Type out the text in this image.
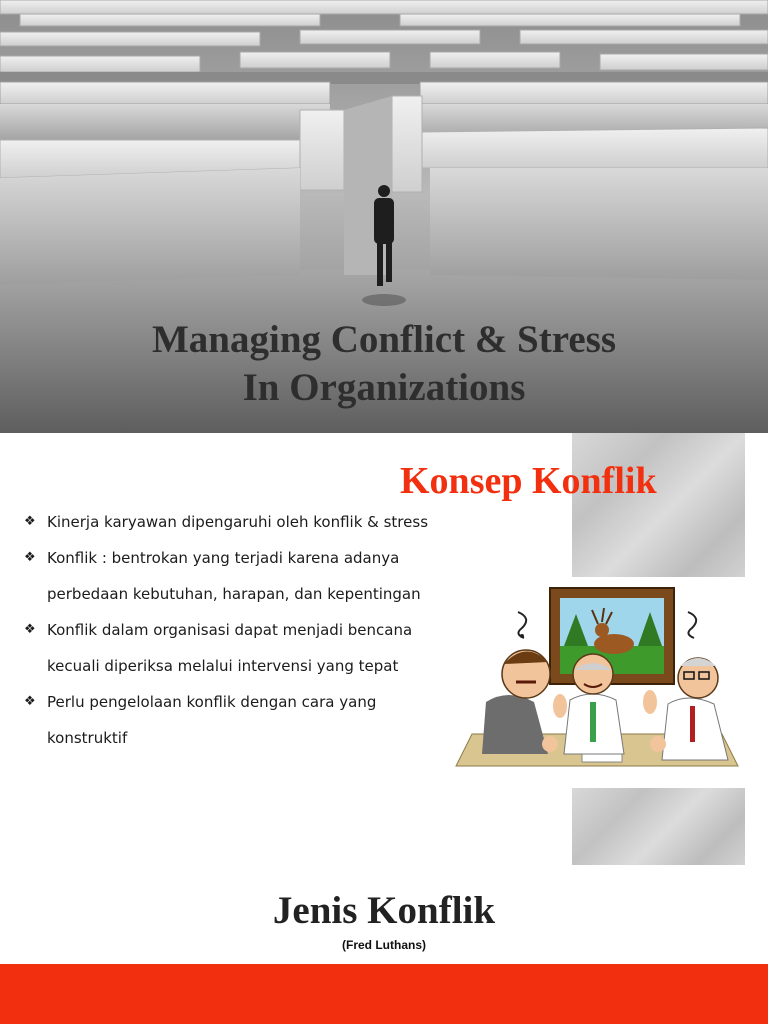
Managing Conflict & Stress
In Organizations
Konsep Konflik
❖ Kinerja karyawan dipengaruhi oleh konflik & stress
❖ Konflik : bentrokan yang terjadi karena adanya perbedaan kebutuhan, harapan, dan kepentingan
❖ Konflik dalam organisasi dapat menjadi bencana kecuali diperiksa melalui intervensi yang tepat
❖ Perlu pengelolaan konflik dengan cara yang konstruktif
Jenis Konflik
(Fred Luthans)
